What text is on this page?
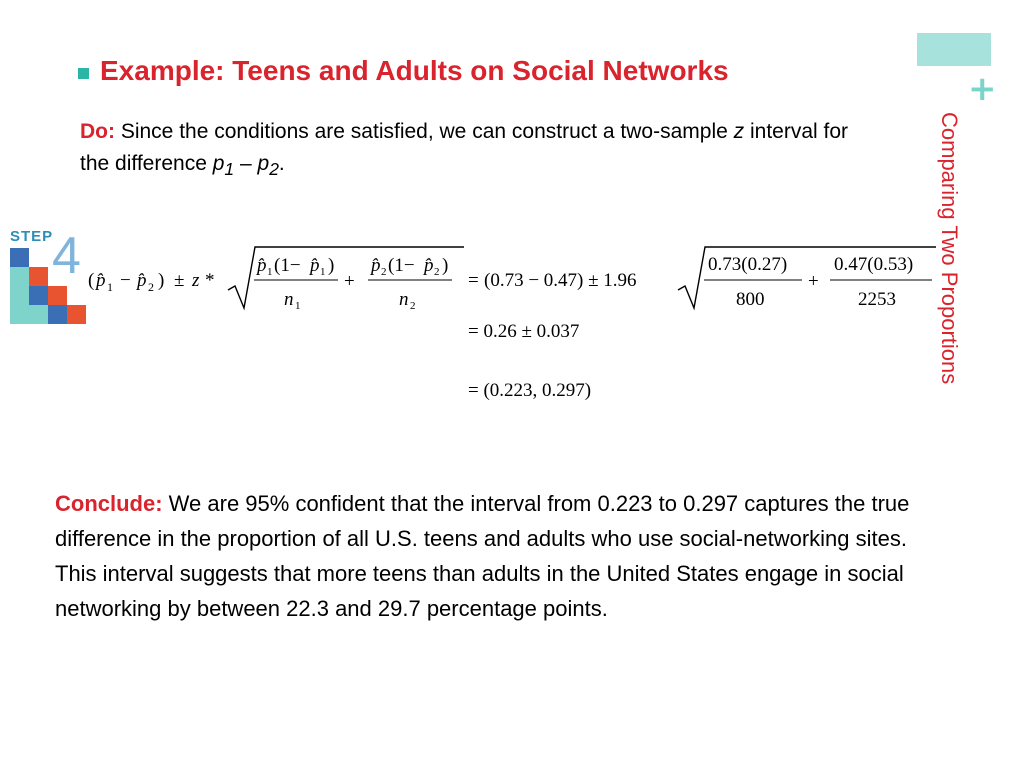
+
Comparing Two Proportions
Example: Teens and Adults on Social Networks
Do: Since the conditions are satisfied, we can construct a two-sample z interval for the difference $p_1 - p_2$.
STEP
4 ( p̂ 1 − p̂ 2 ) ± z *
p̂ 1 (1− p̂ 1 )
n 1
+
p̂ 2 (1− p̂ 2 )
n 2
= (0.73 − 0.47) ± 1.96
0.73(0.27)
800
+
0.47(0.53)
2253
= 0.26 ± 0.037
= (0.223, 0.297)
Conclude: We are 95% confident that the interval from 0.223 to 0.297 captures the true difference in the proportion of all U.S. teens and adults who use social-networking sites. This interval suggests that more teens than adults in the United States engage in social networking by between 22.3 and 29.7 percentage points.
